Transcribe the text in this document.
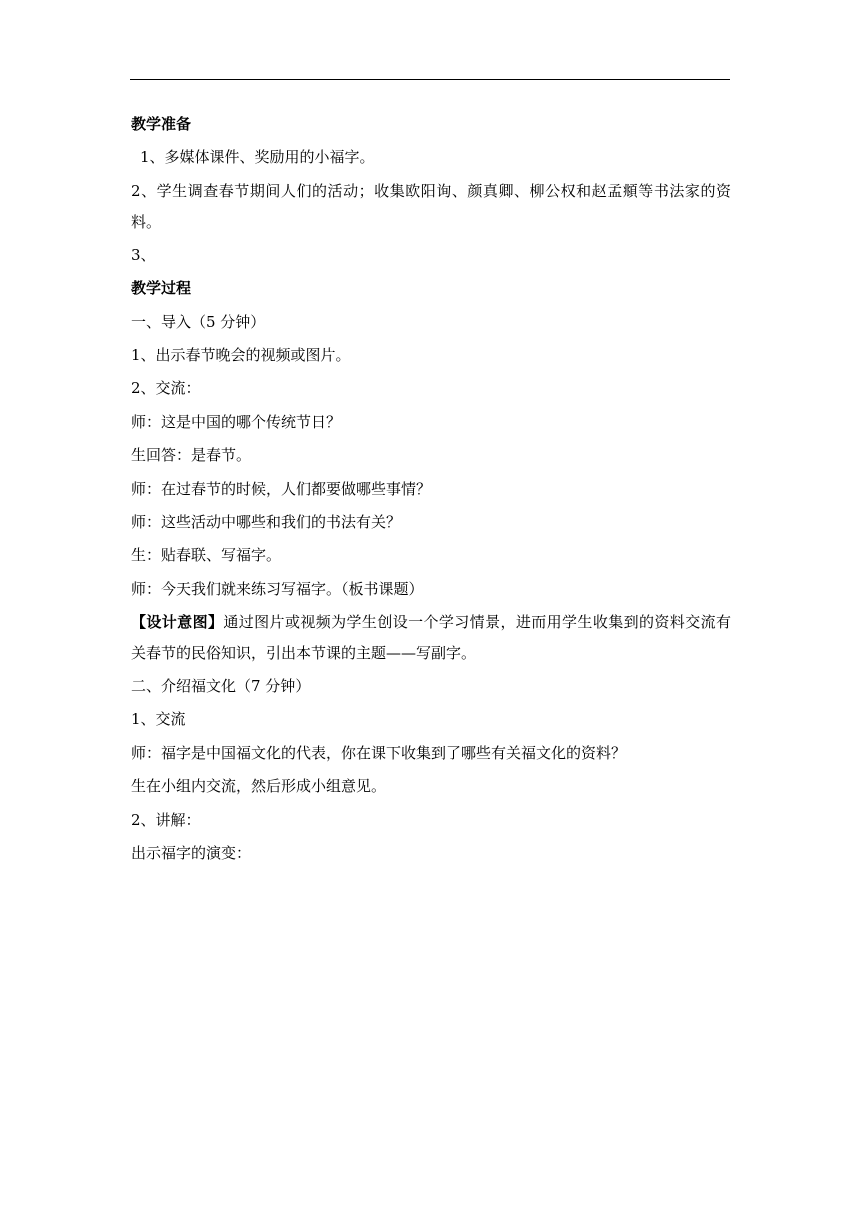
教学准备
1、多媒体课件、奖励用的小福字。
2、学生调查春节期间人们的活动；收集欧阳询、颜真卿、柳公权和赵孟頫等书法家的资料。
3、
教学过程
一、导入（5 分钟）
1、出示春节晚会的视频或图片。
2、交流：
师：这是中国的哪个传统节日？
生回答：是春节。
师：在过春节的时候，人们都要做哪些事情？
师：这些活动中哪些和我们的书法有关？
生：贴春联、写福字。
师：今天我们就来练习写福字。（板书课题）
【设计意图】通过图片或视频为学生创设一个学习情景，进而用学生收集到的资料交流有关春节的民俗知识，引出本节课的主题——写副字。
二、介绍福文化（7 分钟）
1、交流
师：福字是中国福文化的代表，你在课下收集到了哪些有关福文化的资料？
生在小组内交流，然后形成小组意见。
2、讲解：
出示福字的演变：
